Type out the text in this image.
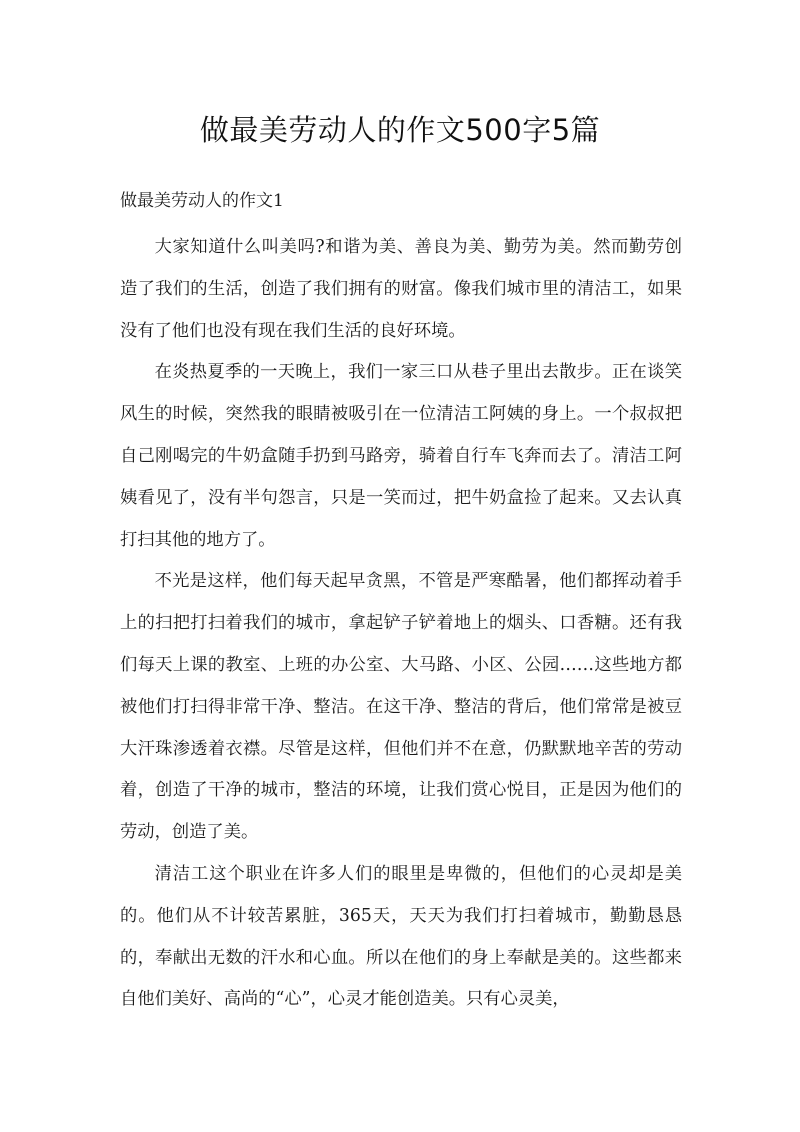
做最美劳动人的作文500字5篇
做最美劳动人的作文1

大家知道什么叫美吗?和谐为美、善良为美、勤劳为美。然而勤劳创造了我们的生活，创造了我们拥有的财富。像我们城市里的清洁工，如果没有了他们也没有现在我们生活的良好环境。

在炎热夏季的一天晚上，我们一家三口从巷子里出去散步。正在谈笑风生的时候，突然我的眼睛被吸引在一位清洁工阿姨的身上。一个叔叔把自己刚喝完的牛奶盒随手扔到马路旁，骑着自行车飞奔而去了。清洁工阿姨看见了，没有半句怨言，只是一笑而过，把牛奶盒捡了起来。又去认真打扫其他的地方了。

不光是这样，他们每天起早贪黑，不管是严寒酷暑，他们都挥动着手上的扫把打扫着我们的城市，拿起铲子铲着地上的烟头、口香糖。还有我们每天上课的教室、上班的办公室、大马路、小区、公园……这些地方都被他们打扫得非常干净、整洁。在这干净、整洁的背后，他们常常是被豆大汗珠渗透着衣襟。尽管是这样，但他们并不在意，仍默默地辛苦的劳动着，创造了干净的城市，整洁的环境，让我们赏心悦目，正是因为他们的劳动，创造了美。

清洁工这个职业在许多人们的眼里是卑微的，但他们的心灵却是美的。他们从不计较苦累脏，365天，天天为我们打扫着城市，勤勤恳恳的，奉献出无数的汗水和心血。所以在他们的身上奉献是美的。这些都来自他们美好、高尚的“心”，心灵才能创造美。只有心灵美，
